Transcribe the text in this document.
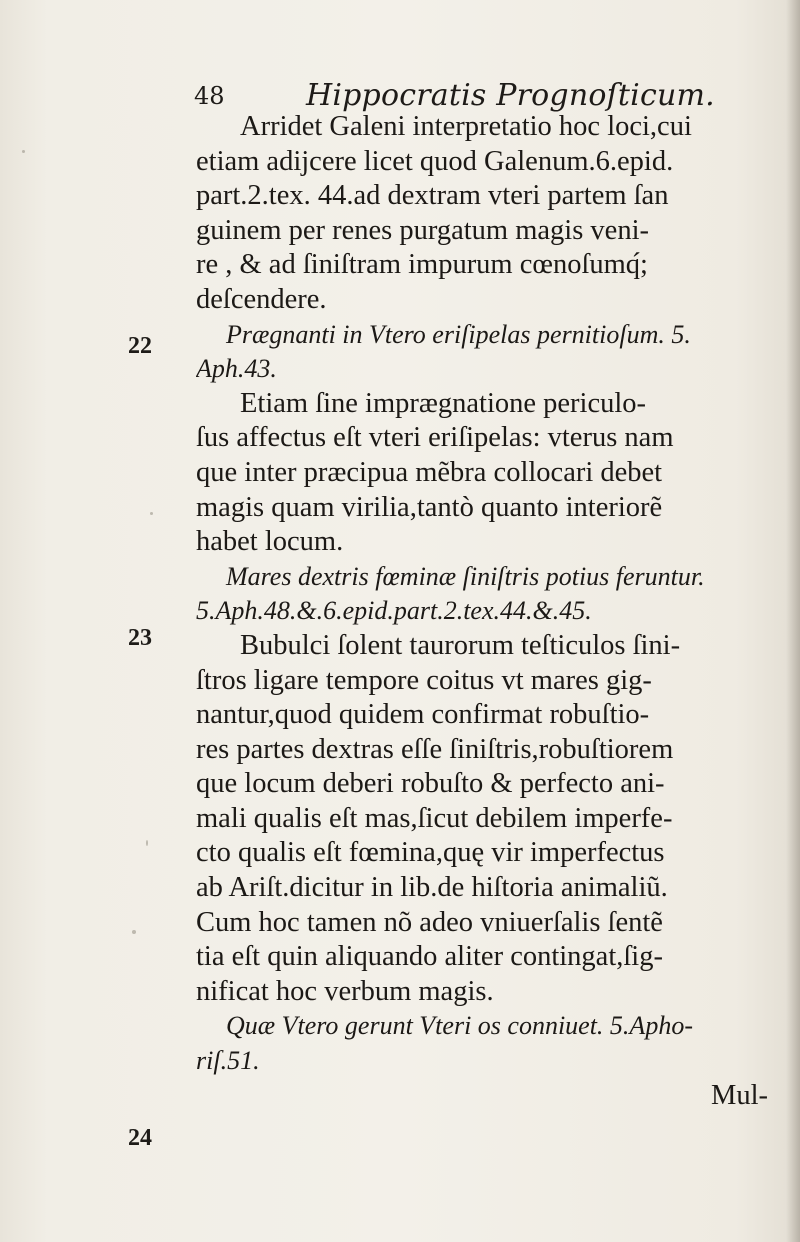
48	Hippocratis Prognoſticum.
22
23
24
Arridet Galeni interpretatio hoc loci,cui
etiam adijcere licet quod Galenum.6.epid.
part.2.tex. 44.ad dextram vteri partem ſan
guinem per renes purgatum magis veni-
re , & ad ſiniſtram impurum cœnoſumq́;
deſcendere.
Prægnanti in Vtero eriſipelas pernitioſum. 5.
Aph.43.
Etiam ſine imprægnatione periculo-
ſus affectus eſt vteri eriſipelas: vterus nam
que inter præcipua mẽbra collocari debet
magis quam virilia,tantò quanto interiorẽ
habet locum.
Mares dextris fœminæ ſiniſtris potius feruntur.
5.Aph.48.&.6.epid.part.2.tex.44.&.45.
Bubulci ſolent taurorum teſticulos ſini-
ſtros ligare tempore coitus vt mares gig-
nantur,quod quidem confirmat robuſtio-
res partes dextras eſſe ſiniſtris,robuſtiorem
que locum deberi robuſto & perfecto ani-
mali qualis eſt mas,ſicut debilem imperfe-
cto qualis eſt fœmina,quę vir imperfectus
ab Ariſt.dicitur in lib.de hiſtoria animaliũ.
Cum hoc tamen nõ adeo vniuerſalis ſentẽ
tia eſt quin aliquando aliter contingat,ſig-
nificat hoc verbum magis.
Quæ Vtero gerunt Vteri os conniuet. 5.Apho-
riſ.51.
Mul-
